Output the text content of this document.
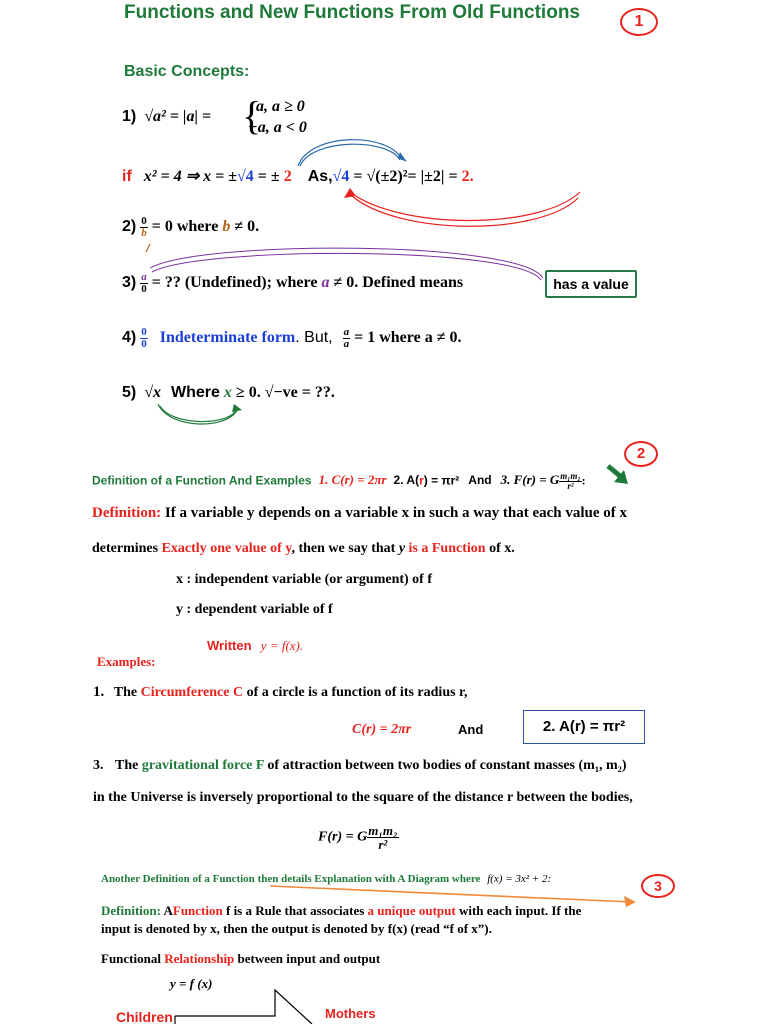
Functions and New Functions From Old Functions	1
Basic Concepts:
1) √a² = |a| = {
a, a ≥ 0
−a, a < 0
if x² = 4 ⇒ x = ±√4 = ± 2 As,√4 = √(±2)²= |±2| = 2.
$2) \frac{0}{b} = 0$ where b ≠ 0.
$3) \frac{a}{0}$ = ?? (Undefined); where a ≠ 0. Defined means	has a value
$4) \frac{0}{0}$ Indeterminate form. But, $\frac{a}{a} = 1$ where a ≠ 0.
5) √x Where x ≥ 0. √−ve = ??.
2
Definition of a Function And Examples 1. C(r) = 2πr 2. A(r) = πr² And 3. F(r) = G $\frac{\text{m₁m₂}}{\text{r²}}$ :
Definition: If a variable y depends on a variable x in such a way that each value of x
determines Exactly one value of y, then we say that y is a Function of x.
x : independent variable (or argument) of f
y : dependent variable of f
Written y = f(x).
Examples:
1. The Circumference C of a circle is a function of its radius r,
C(r) = 2πr	And	2. A(r) = πr²
3. The gravitational force F of attraction between two bodies of constant masses (m₁, m₂)
in the Universe is inversely proportional to the square of the distance r between the bodies,
F(r) = G $\frac{\text{m₁m₂}}{\text{r²}}$
Another Definition of a Function then details Explanation with A Diagram where f(x) = 3x² + 2:	3
Definition: AFunction f is a Rule that associates a unique output with each input. If the
input is denoted by x, then the output is denoted by f(x) (read “f of x”).
Functional Relationship between input and output
y = f (x)
Children	Mothers
